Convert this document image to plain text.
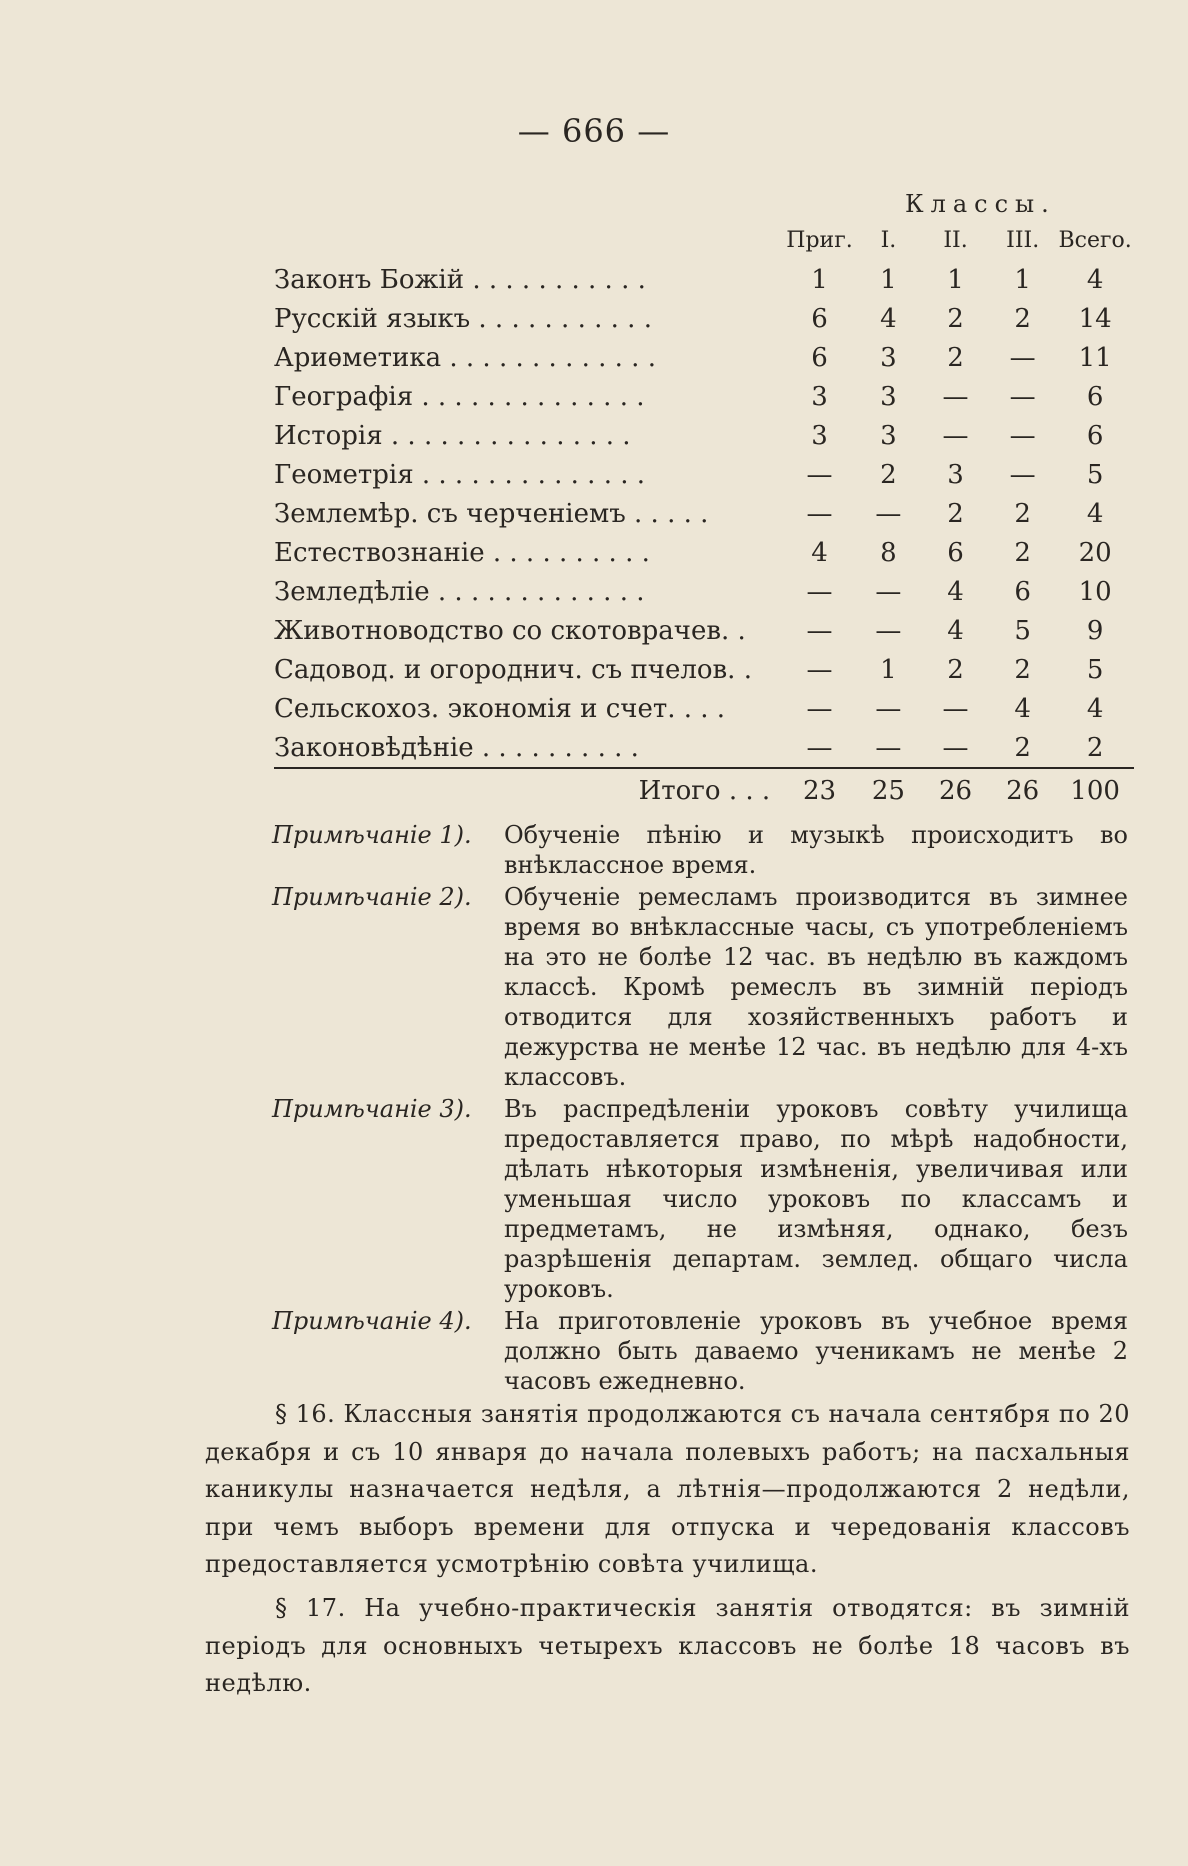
— 666 —
Классы.
	Приг.	I.	II.	III.	Всего.
Законъ Божій . . . . . . . . . . .	1	1	1	1	4
Русскій языкъ . . . . . . . . . . .	6	4	2	2	14
Ариѳметика . . . . . . . . . . . . .	6	3	2	—	11
Географія . . . . . . . . . . . . . .	3	3	—	—	6
Исторія . . . . . . . . . . . . . . .	3	3	—	—	6
Геометрія . . . . . . . . . . . . . .	—	2	3	—	5
Землемѣр. съ черченіемъ . . . . .	—	—	2	2	4
Естествознаніе . . . . . . . . . .	4	8	6	2	20
Земледѣліе . . . . . . . . . . . . .	—	—	4	6	10
Животноводство со скотоврачев. .	—	—	4	5	9
Садовод. и огороднич. съ пчелов. .	—	1	2	2	5
Сельскохоз. экономія и счет. . . .	—	—	—	4	4
Законовѣдѣніе . . . . . . . . . .	—	—	—	2	2
Итого . . .	23	25	26	26	100
Примѣчаніе 1).	Обученіе пѣнію и музыкѣ происходитъ во внѣклассное время.
Примѣчаніе 2).	Обученіе ремесламъ производится въ зимнее время во внѣклассные часы, съ употребленіемъ на это не болѣе 12 час. въ недѣлю въ каждомъ классѣ. Кромѣ ремеслъ въ зимній періодъ отводится для хозяйственныхъ работъ и дежурства не менѣе 12 час. въ недѣлю для 4-хъ классовъ.
Примѣчаніе 3).	Въ распредѣленіи уроковъ совѣту училища предоставляется право, по мѣрѣ надобности, дѣлать нѣкоторыя измѣненія, увеличивая или уменьшая число уроковъ по классамъ и предметамъ, не измѣняя, однако, безъ разрѣшенія департам. землед. общаго числа уроковъ.
Примѣчаніе 4).	На приготовленіе уроковъ въ учебное время должно быть даваемо ученикамъ не менѣе 2 часовъ ежедневно.

§ 16. Классныя занятія продолжаются съ начала сентября по 20 декабря и съ 10 января до начала полевыхъ работъ; на пасхальныя каникулы назначается недѣля, а лѣтнія—продолжаются 2 недѣли, при чемъ выборъ времени для отпуска и чередованія классовъ предоставляется усмотрѣнію совѣта училища.

§ 17. На учебно-практическія занятія отводятся: въ зимній періодъ для основныхъ четырехъ классовъ не болѣе 18 часовъ въ недѣлю.
